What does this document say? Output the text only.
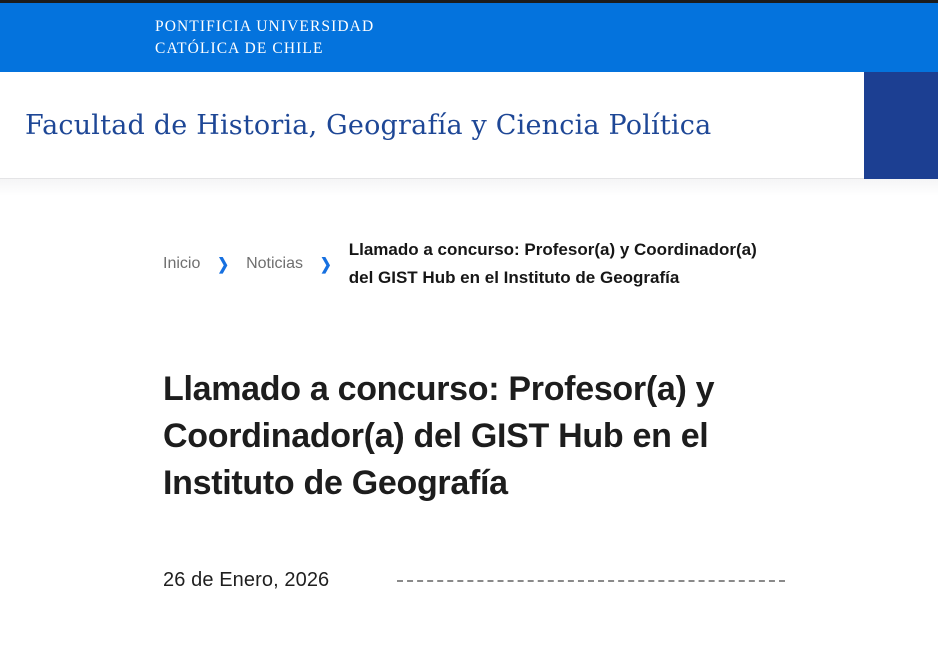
PONTIFICIA UNIVERSIDAD
CATÓLICA DE CHILE
Facultad de Historia, Geografía y Ciencia Política
Inicio ❯ Noticias ❯
Llamado a concurso: Profesor(a) y Coordinador(a)
del GIST Hub en el Instituto de Geografía
Llamado a concurso: Profesor(a) y
Coordinador(a) del GIST Hub en el
Instituto de Geografía
26 de Enero, 2026
